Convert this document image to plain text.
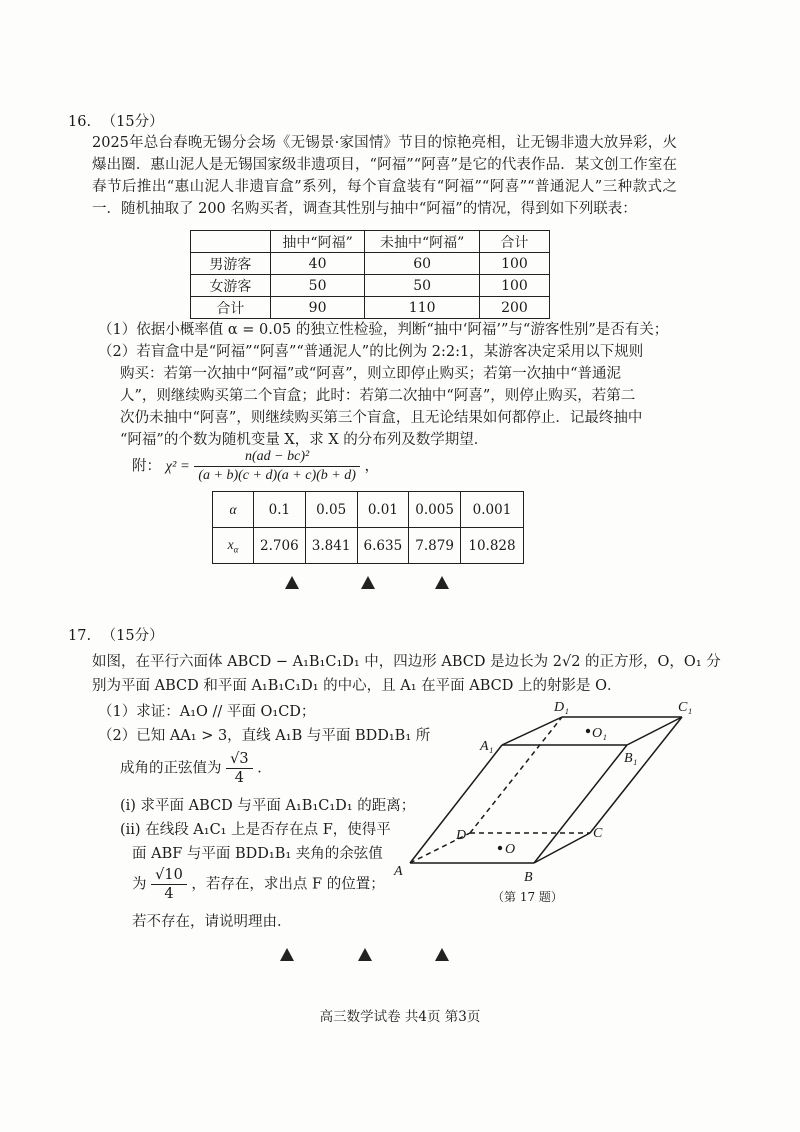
16. （15分）
2025年总台春晚无锡分会场《无锡景·家国情》节目的惊艳亮相，让无锡非遗大放异彩，火爆出圈．惠山泥人是无锡国家级非遗项目，“阿福”“阿喜”是它的代表作品．某文创工作室在春节后推出“惠山泥人非遗盲盒”系列，每个盲盒装有“阿福”“阿喜”“普通泥人”三种款式之一．随机抽取了 200 名购买者，调查其性别与抽中“阿福”的情况，得到如下列联表：
	抽中“阿福”	未抽中“阿福”	合计
男游客	40	60	100
女游客	50	50	100
合计	90	110	200
（1）依据小概率值 α = 0.05 的独立性检验，判断“抽中‘阿福’”与“游客性别”是否有关；
（2）若盲盒中是“阿福”“阿喜”“普通泥人”的比例为 2:2:1，某游客决定采用以下规则
购买：若第一次抽中“阿福”或“阿喜”，则立即停止购买；若第一次抽中“普通泥
人”，则继续购买第二个盲盒；此时：若第二次抽中“阿喜”，则停止购买，若第二
次仍未抽中“阿喜”，则继续购买第三个盲盒，且无论结果如何都停止．记最终抽中
“阿福”的个数为随机变量 X，求 X 的分布列及数学期望．
附： $\chi^2 = \frac{\text{n(ad − bc)²}}{(a + b)(c + d)(a + c)(b + d)}$ ，
α	0.1	0.05	0.01	0.005	0.001
$x_\alpha$	2.706	3.841	6.635	7.879	10.828
17. （15分）
如图，在平行六面体 ABCD − A₁B₁C₁D₁ 中，四边形 ABCD 是边长为 2√2 的正方形，O，O₁ 分
别为平面 ABCD 和平面 A₁B₁C₁D₁ 的中心，且 A₁ 在平面 ABCD 上的射影是 O．
（1）求证：A₁O // 平面 O₁CD；
（2）已知 AA₁ > 3，直线 A₁B 与平面 BDD₁B₁ 所
成角的正弦值为 $\frac{√3}{4}$ ．
(i) 求平面 ABCD 与平面 A₁B₁C₁D₁ 的距离；
(ii) 在线段 A₁C₁ 上是否存在点 F，使得平
面 ABF 与平面 BDD₁B₁ 夹角的余弦值
为 $\frac{√10}{4}$ ，若存在，求出点 F 的位置；
若不存在，请说明理由．
A	B
C
D
A₁
B₁
C₁
D₁
O
O₁
（第 17 题）
高三数学试卷 共4页 第3页
